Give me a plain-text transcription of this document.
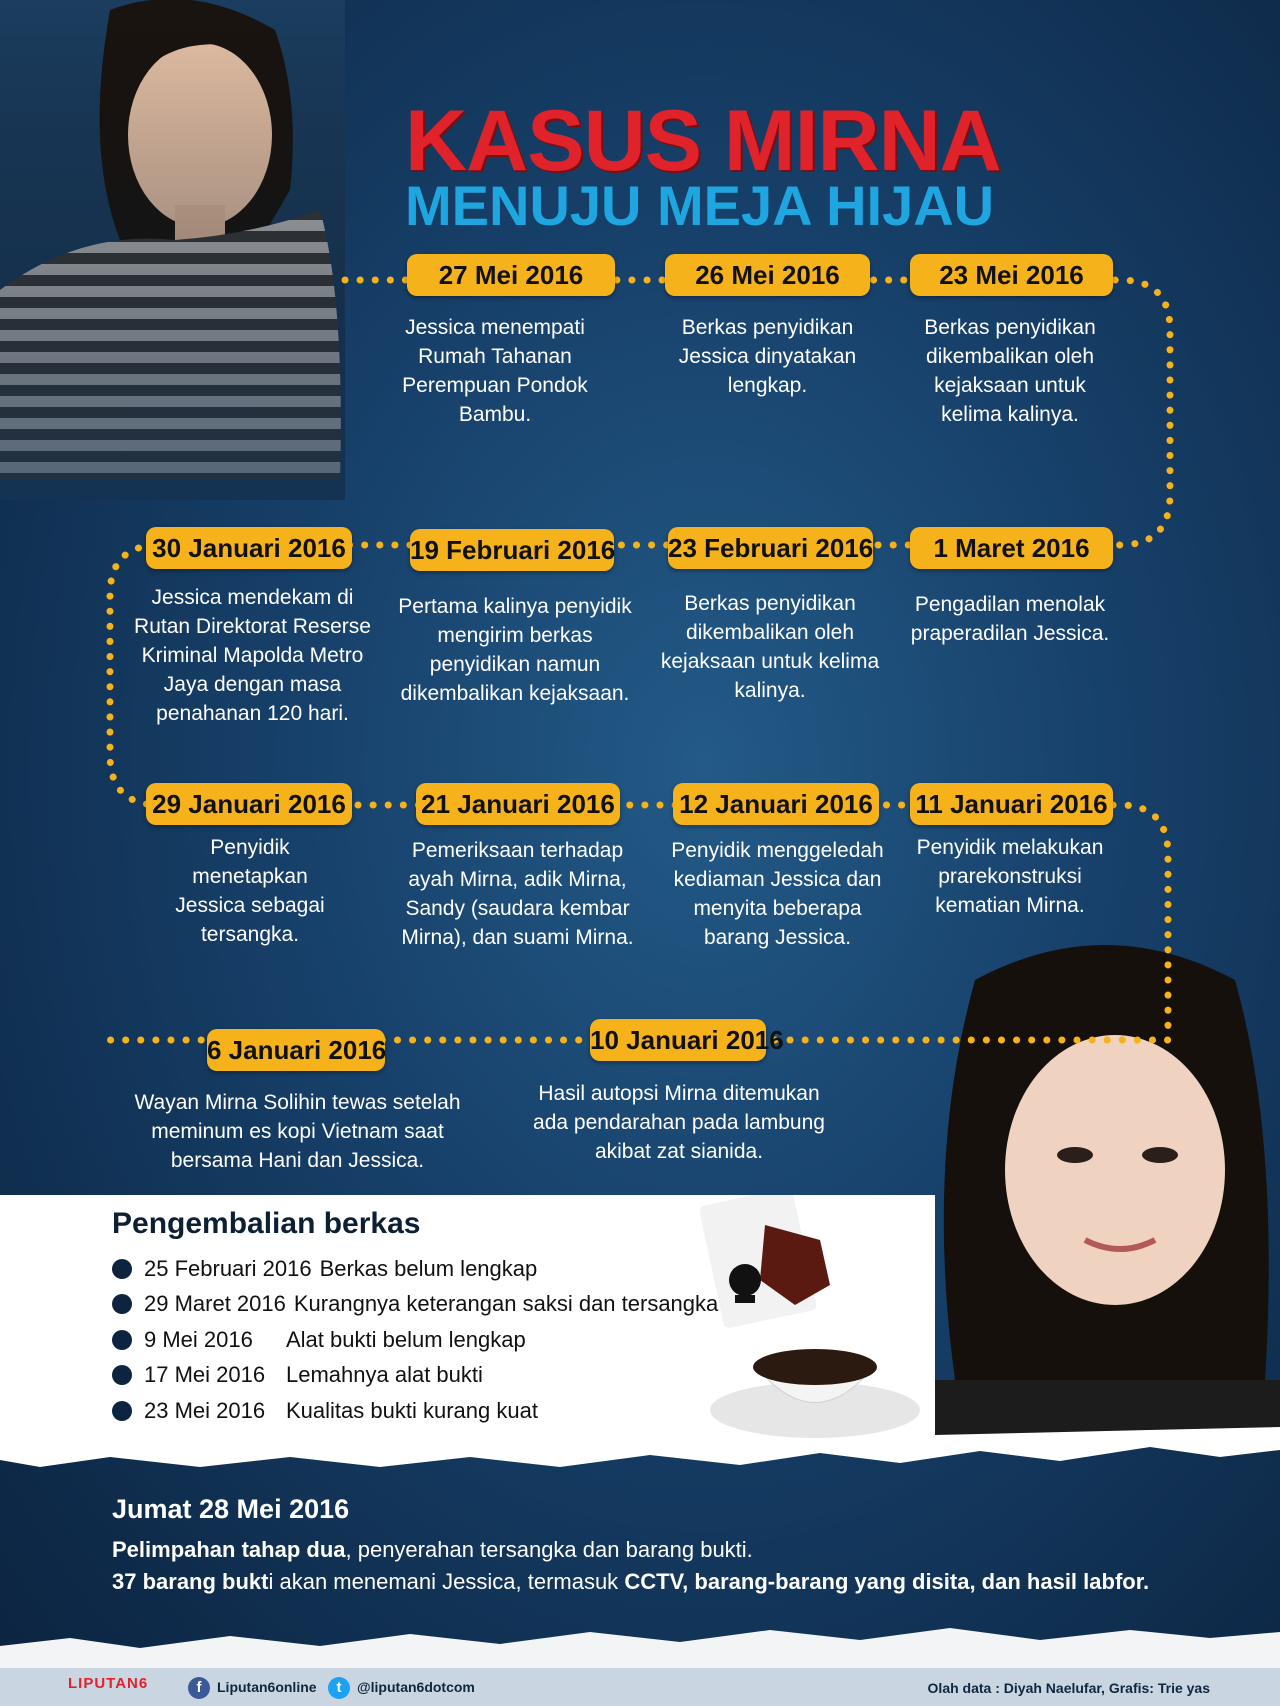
KASUS MIRNA
MENUJU MEJA HIJAU
27 Mei 2016
Jessica menempati Rumah Tahanan Perempuan Pondok Bambu.
26 Mei 2016
Berkas penyidikan Jessica dinyatakan lengkap.
23 Mei 2016
Berkas penyidikan dikembalikan oleh kejaksaan untuk kelima kalinya.
30 Januari 2016
Jessica mendekam di Rutan Direktorat Reserse Kriminal Mapolda Metro Jaya dengan masa penahanan 120 hari.
19 Februari 2016
Pertama kalinya penyidik mengirim berkas penyidikan namun dikembalikan kejaksaan.
23 Februari 2016
Berkas penyidikan dikembalikan oleh kejaksaan untuk kelima kalinya.
1 Maret 2016
Pengadilan menolak praperadilan Jessica.
29 Januari 2016
Penyidik menetapkan Jessica sebagai tersangka.
21 Januari 2016
Pemeriksaan terhadap ayah Mirna, adik Mirna, Sandy (saudara kembar Mirna), dan suami Mirna.
12 Januari 2016
Penyidik menggeledah kediaman Jessica dan menyita beberapa barang Jessica.
11 Januari 2016
Penyidik melakukan prarekonstruksi kematian Mirna.
6 Januari 2016
Wayan Mirna Solihin tewas setelah meminum es kopi Vietnam saat bersama Hani dan Jessica.
10 Januari 2016
Hasil autopsi Mirna ditemukan ada pendarahan pada lambung akibat zat sianida.
Pengembalian berkas
25 Februari 2016 Berkas belum lengkap
29 Maret 2016 Kurangnya keterangan saksi dan tersangka
9 Mei 2016	Alat bukti belum lengkap
17 Mei 2016 Lemahnya alat bukti
23 Mei 2016 Kualitas bukti kurang kuat
Jumat 28 Mei 2016
Pelimpahan tahap dua, penyerahan tersangka dan barang bukti.
37 barang bukti akan menemani Jessica, termasuk CCTV, barang-barang yang disita, dan hasil labfor.
LIPUTAN6	f	Liputan6online	t	@liputan6dotcom	Olah data : Diyah Naelufar, Grafis: Trie yas
